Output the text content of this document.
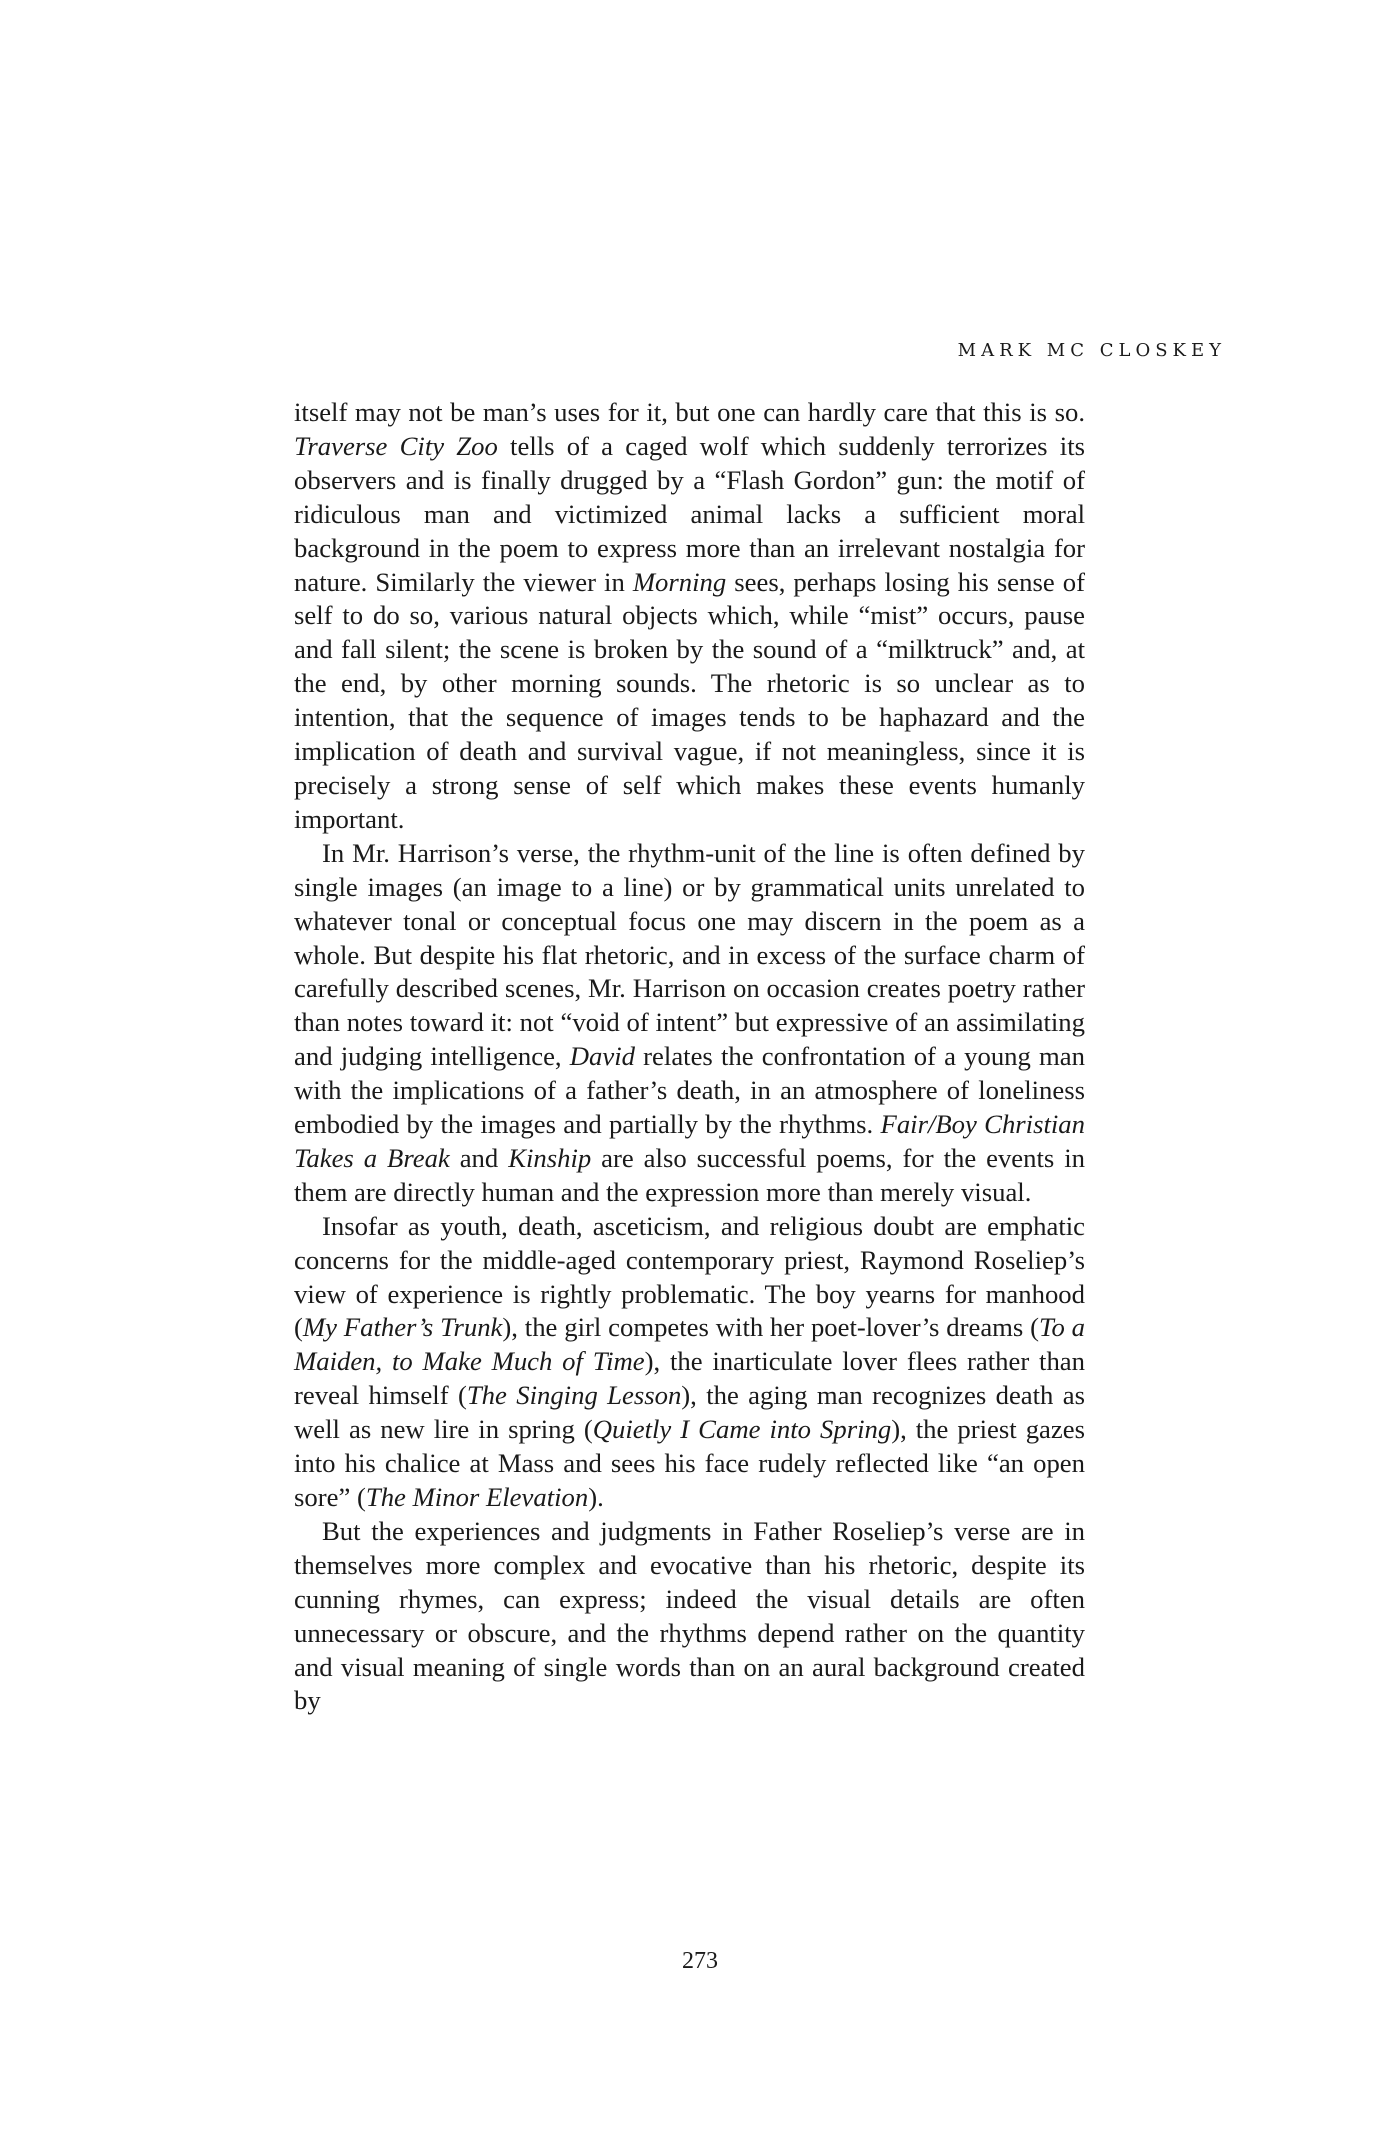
MARK MC CLOSKEY

itself may not be man’s uses for it, but one can hardly care that this is so. Traverse City Zoo tells of a caged wolf which suddenly terrorizes its observers and is finally drugged by a “Flash Gordon” gun: the motif of ridiculous man and victimized animal lacks a sufficient moral background in the poem to express more than an irrelevant nostalgia for nature. Similarly the viewer in Morning sees, perhaps losing his sense of self to do so, various natural objects which, while “mist” occurs, pause and fall silent; the scene is broken by the sound of a “milktruck” and, at the end, by other morning sounds. The rhetoric is so unclear as to intention, that the sequence of images tends to be haphazard and the implication of death and survival vague, if not meaningless, since it is precisely a strong sense of self which makes these events humanly important.

In Mr. Harrison’s verse, the rhythm-unit of the line is often defined by single images (an image to a line) or by grammatical units unrelated to whatever tonal or conceptual focus one may discern in the poem as a whole. But despite his flat rhetoric, and in excess of the surface charm of carefully described scenes, Mr. Harrison on occasion creates poetry rather than notes toward it: not “void of intent” but expressive of an assimilating and judging intelligence, David relates the confrontation of a young man with the implications of a father’s death, in an atmosphere of loneliness embodied by the images and partially by the rhythms. Fair/Boy Christian Takes a Break and Kinship are also successful poems, for the events in them are directly human and the expression more than merely visual.

Insofar as youth, death, asceticism, and religious doubt are emphatic concerns for the middle-aged contemporary priest, Raymond Roseliep’s view of experience is rightly problematic. The boy yearns for manhood (My Father’s Trunk), the girl competes with her poet-lover’s dreams (To a Maiden, to Make Much of Time), the inarticulate lover flees rather than reveal himself (The Singing Lesson), the aging man recognizes death as well as new lire in spring (Quietly I Came into Spring), the priest gazes into his chalice at Mass and sees his face rudely reflected like “an open sore” (The Minor Elevation).

But the experiences and judgments in Father Roseliep’s verse are in themselves more complex and evocative than his rhetoric, despite its cunning rhymes, can express; indeed the visual details are often unnecessary or obscure, and the rhythms depend rather on the quantity and visual meaning of single words than on an aural background created by

273
